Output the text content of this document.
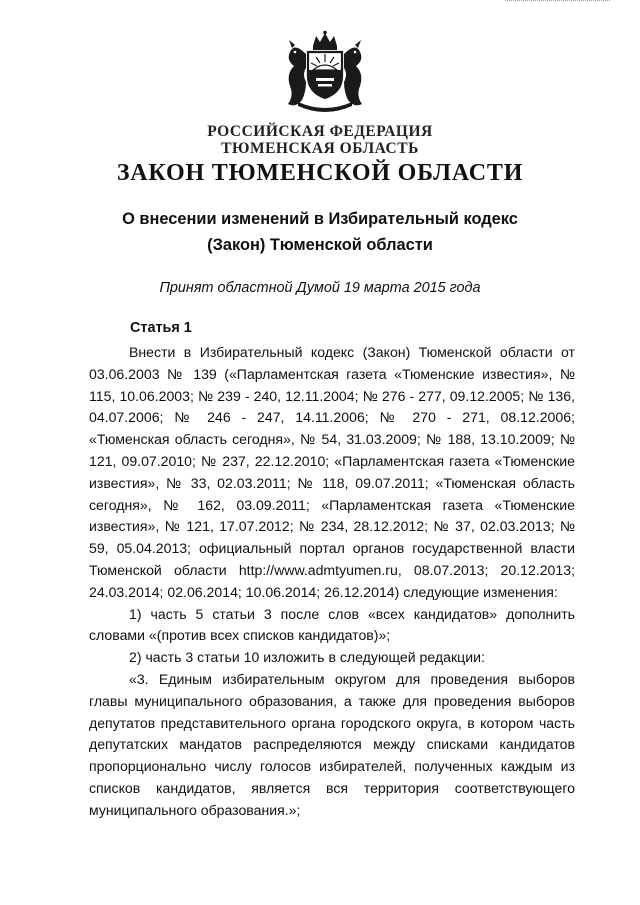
РОССИЙСКАЯ ФЕДЕРАЦИЯ
ТЮМЕНСКАЯ ОБЛАСТЬ
ЗАКОН ТЮМЕНСКОЙ ОБЛАСТИ
О внесении изменений в Избирательный кодекс
(Закон) Тюменской области

Принят областной Думой 19 марта 2015 года

Статья 1

Внести в Избирательный кодекс (Закон) Тюменской области от 03.06.2003 № 139 («Парламентская газета «Тюменские известия», № 115, 10.06.2003; № 239 - 240, 12.11.2004; № 276 - 277, 09.12.2005; № 136, 04.07.2006; № 246 - 247, 14.11.2006; № 270 - 271, 08.12.2006; «Тюменская область сегодня», № 54, 31.03.2009; № 188, 13.10.2009; № 121, 09.07.2010; № 237, 22.12.2010; «Парламентская газета «Тюменские известия», № 33, 02.03.2011; № 118, 09.07.2011; «Тюменская область сегодня», № 162, 03.09.2011; «Парламентская газета «Тюменские известия», № 121, 17.07.2012; № 234, 28.12.2012; № 37, 02.03.2013; № 59, 05.04.2013; официальный портал органов государственной власти Тюменской области http://www.admtyumen.ru, 08.07.2013; 20.12.2013; 24.03.2014; 02.06.2014; 10.06.2014; 26.12.2014) следующие изменения:

1) часть 5 статьи 3 после слов «всех кандидатов» дополнить словами «(против всех списков кандидатов)»;

2) часть 3 статьи 10 изложить в следующей редакции:

«3. Единым избирательным округом для проведения выборов главы муниципального образования, а также для проведения выборов депутатов представительного органа городского округа, в котором часть депутатских мандатов распределяются между списками кандидатов пропорционально числу голосов избирателей, полученных каждым из списков кандидатов, является вся территория соответствующего муниципального образования.»;
